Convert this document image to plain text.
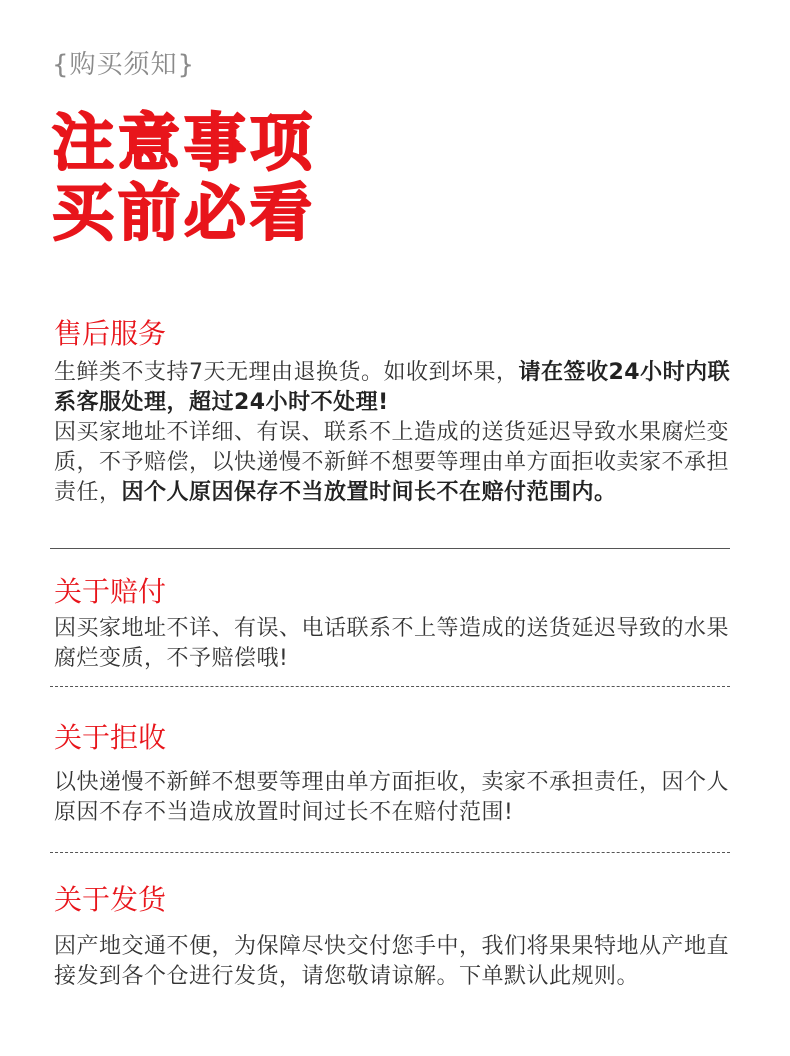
{购买须知}
注意事项
买前必看
售后服务
生鲜类不支持7天无理由退换货。如收到坏果，请在签收24小时内联系客服处理，超过24小时不处理!
因买家地址不详细、有误、联系不上造成的送货延迟导致水果腐烂变质，不予赔偿，以快递慢不新鲜不想要等理由单方面拒收卖家不承担责任，因个人原因保存不当放置时间长不在赔付范围内。
关于赔付
因买家地址不详、有误、电话联系不上等造成的送货延迟导致的水果腐烂变质，不予赔偿哦!
关于拒收
以快递慢不新鲜不想要等理由单方面拒收，卖家不承担责任，因个人原因不存不当造成放置时间过长不在赔付范围!
关于发货
因产地交通不便，为保障尽快交付您手中，我们将果果特地从产地直接发到各个仓进行发货，请您敬请谅解。下单默认此规则。
